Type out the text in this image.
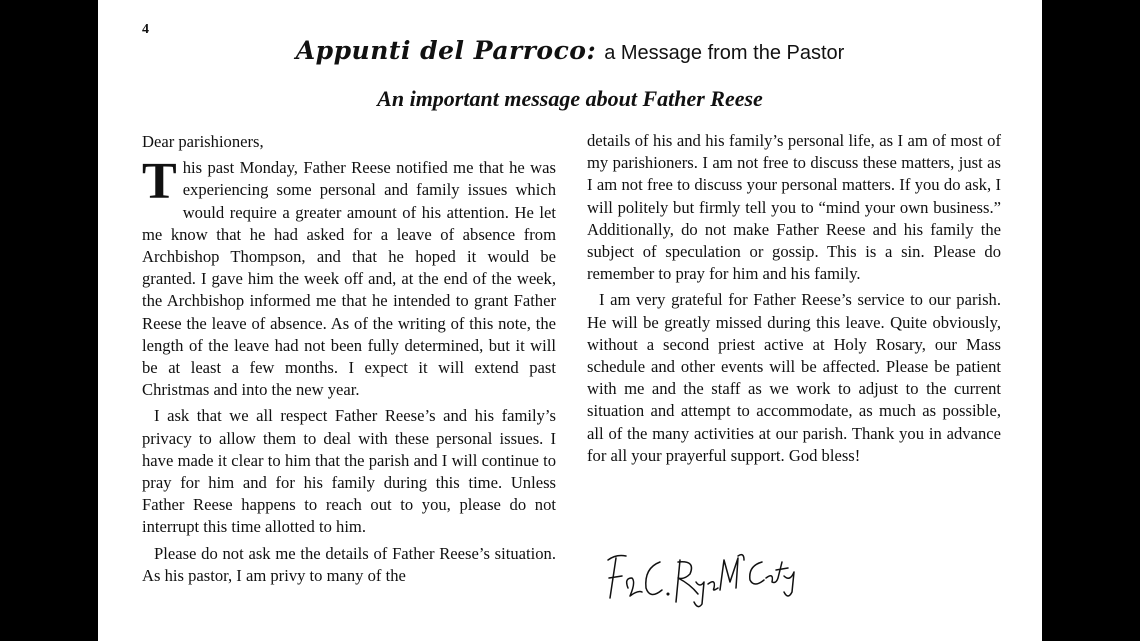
4
Appunti del Parroco: a Message from the Pastor
An important message about Father Reese

Dear parishioners,

This past Monday, Father Reese notified me that he was experiencing some personal and family issues which would require a greater amount of his attention. He let me know that he had asked for a leave of absence from Archbishop Thompson, and that he hoped it would be granted. I gave him the week off and, at the end of the week, the Archbishop informed me that he intended to grant Father Reese the leave of absence. As of the writing of this note, the length of the leave had not been fully determined, but it will be at least a few months. I expect it will extend past Christmas and into the new year.

I ask that we all respect Father Reese’s and his family’s privacy to allow them to deal with these personal issues. I have made it clear to him that the parish and I will continue to pray for him and for his family during this time. Unless Father Reese happens to reach out to you, please do not interrupt this time allotted to him.

Please do not ask me the details of Father Reese’s situation. As his pastor, I am privy to many of the

details of his and his family’s personal life, as I am of most of my parishioners. I am not free to discuss these matters, just as I am not free to discuss your personal matters. If you do ask, I will politely but firmly tell you to “mind your own business.” Additionally, do not make Father Reese and his family the subject of speculation or gossip. This is a sin. Please do remember to pray for him and his family.

I am very grateful for Father Reese’s service to our parish. He will be greatly missed during this leave. Quite obviously, without a second priest active at Holy Rosary, our Mass schedule and other events will be affected. Please be patient with me and the staff as we work to adjust to the current situation and attempt to accommodate, as much as possible, all of the many activities at our parish. Thank you in advance for all your prayerful support. God bless!
